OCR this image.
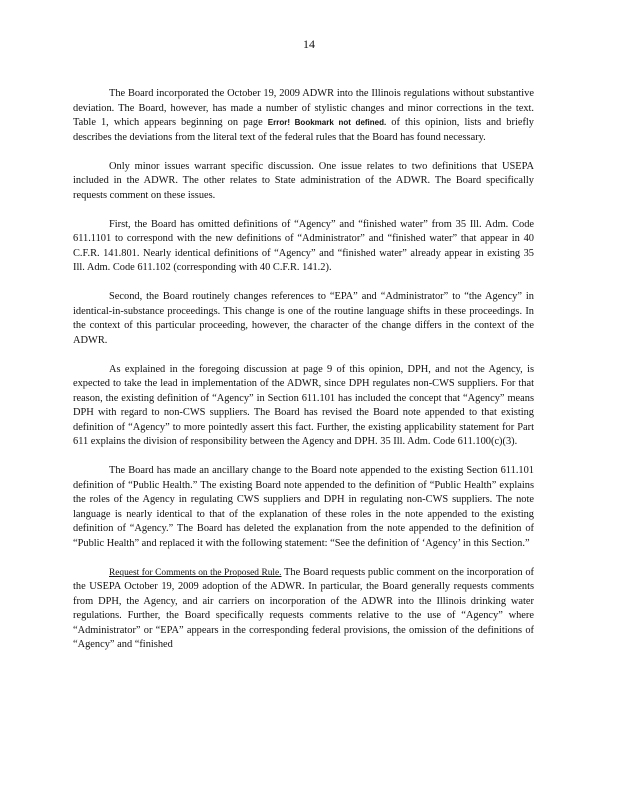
14

The Board incorporated the October 19, 2009 ADWR into the Illinois regulations without substantive deviation. The Board, however, has made a number of stylistic changes and minor corrections in the text. Table 1, which appears beginning on page Error! Bookmark not defined. of this opinion, lists and briefly describes the deviations from the literal text of the federal rules that the Board has found necessary.

Only minor issues warrant specific discussion. One issue relates to two definitions that USEPA included in the ADWR. The other relates to State administration of the ADWR. The Board specifically requests comment on these issues.

First, the Board has omitted definitions of “Agency” and “finished water” from 35 Ill. Adm. Code 611.1101 to correspond with the new definitions of “Administrator” and “finished water” that appear in 40 C.F.R. 141.801. Nearly identical definitions of “Agency” and “finished water” already appear in existing 35 Ill. Adm. Code 611.102 (corresponding with 40 C.F.R. 141.2).

Second, the Board routinely changes references to “EPA” and “Administrator” to “the Agency” in identical-in-substance proceedings. This change is one of the routine language shifts in these proceedings. In the context of this particular proceeding, however, the character of the change differs in the context of the ADWR.

As explained in the foregoing discussion at page 9 of this opinion, DPH, and not the Agency, is expected to take the lead in implementation of the ADWR, since DPH regulates non-CWS suppliers. For that reason, the existing definition of “Agency” in Section 611.101 has included the concept that “Agency” means DPH with regard to non-CWS suppliers. The Board has revised the Board note appended to that existing definition of “Agency” to more pointedly assert this fact. Further, the existing applicability statement for Part 611 explains the division of responsibility between the Agency and DPH. 35 Ill. Adm. Code 611.100(c)(3).

The Board has made an ancillary change to the Board note appended to the existing Section 611.101 definition of “Public Health.” The existing Board note appended to the definition of “Public Health” explains the roles of the Agency in regulating CWS suppliers and DPH in regulating non-CWS suppliers. The note language is nearly identical to that of the explanation of these roles in the note appended to the existing definition of “Agency.” The Board has deleted the explanation from the note appended to the definition of “Public Health” and replaced it with the following statement: “See the definition of ‘Agency’ in this Section.”

Request for Comments on the Proposed Rule. The Board requests public comment on the incorporation of the USEPA October 19, 2009 adoption of the ADWR. In particular, the Board generally requests comments from DPH, the Agency, and air carriers on incorporation of the ADWR into the Illinois drinking water regulations. Further, the Board specifically requests comments relative to the use of “Agency” where “Administrator” or “EPA” appears in the corresponding federal provisions, the omission of the definitions of “Agency” and “finished
